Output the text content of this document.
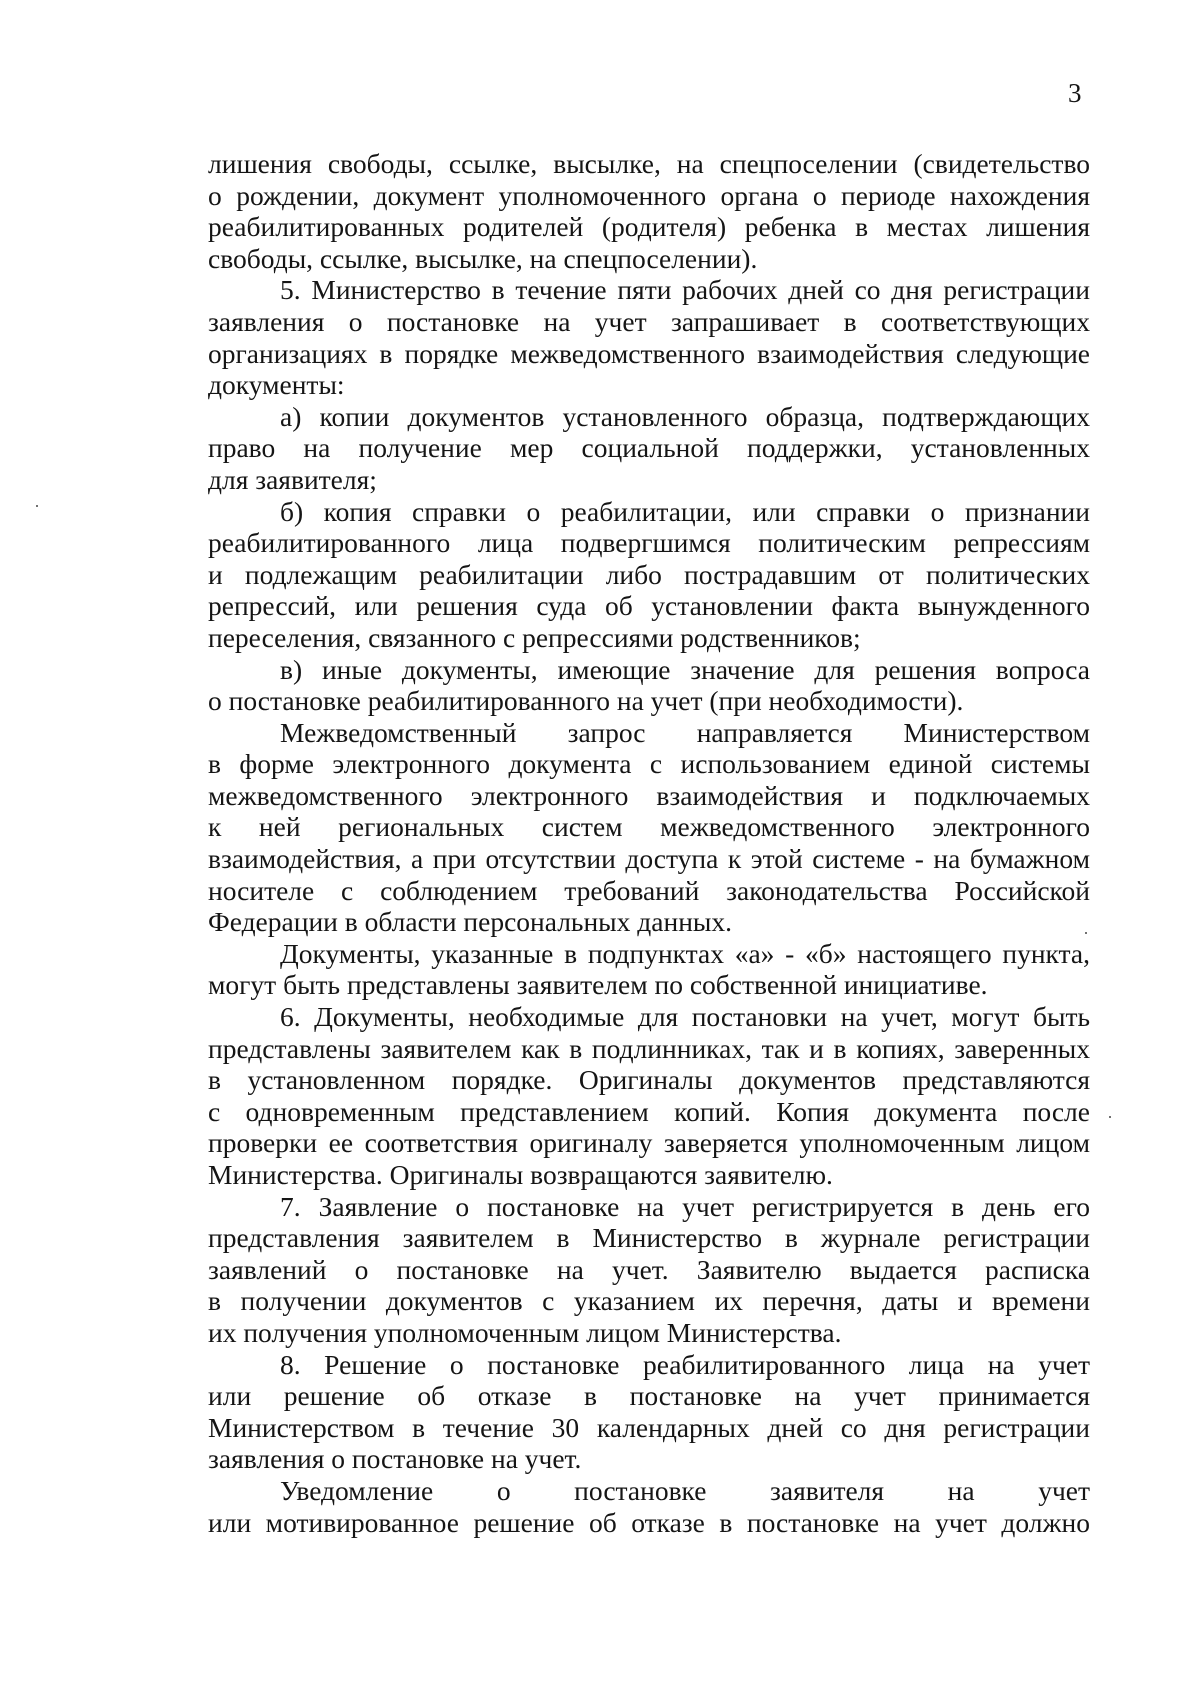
3
лишения свободы, ссылке, высылке, на спецпоселении (свидетельство
о рождении, документ уполномоченного органа о периоде нахождения
реабилитированных родителей (родителя) ребенка в местах лишения
свободы, ссылке, высылке, на спецпоселении).
5. Министерство в течение пяти рабочих дней со дня регистрации
заявления о постановке на учет запрашивает в соответствующих
организациях в порядке межведомственного взаимодействия следующие
документы:
а) копии документов установленного образца, подтверждающих
право на получение мер социальной поддержки, установленных
для заявителя;
б) копия справки о реабилитации, или справки о признании
реабилитированного лица подвергшимся политическим репрессиям
и подлежащим реабилитации либо пострадавшим от политических
репрессий, или решения суда об установлении факта вынужденного
переселения, связанного с репрессиями родственников;
в) иные документы, имеющие значение для решения вопроса
о постановке реабилитированного на учет (при необходимости).
Межведомственный запрос направляется Министерством
в форме электронного документа с использованием единой системы
межведомственного электронного взаимодействия и подключаемых
к ней региональных систем межведомственного электронного
взаимодействия, а при отсутствии доступа к этой системе - на бумажном
носителе с соблюдением требований законодательства Российской
Федерации в области персональных данных.
Документы, указанные в подпунктах «а» - «б» настоящего пункта,
могут быть представлены заявителем по собственной инициативе.
6. Документы, необходимые для постановки на учет, могут быть
представлены заявителем как в подлинниках, так и в копиях, заверенных
в установленном порядке. Оригиналы документов представляются
с одновременным представлением копий. Копия документа после
проверки ее соответствия оригиналу заверяется уполномоченным лицом
Министерства. Оригиналы возвращаются заявителю.
7. Заявление о постановке на учет регистрируется в день его
представления заявителем в Министерство в журнале регистрации
заявлений о постановке на учет. Заявителю выдается расписка
в получении документов с указанием их перечня, даты и времени
их получения уполномоченным лицом Министерства.
8. Решение о постановке реабилитированного лица на учет
или решение об отказе в постановке на учет принимается
Министерством в течение 30 календарных дней со дня регистрации
заявления о постановке на учет.
Уведомление о постановке заявителя на учет
или мотивированное решение об отказе в постановке на учет должно
